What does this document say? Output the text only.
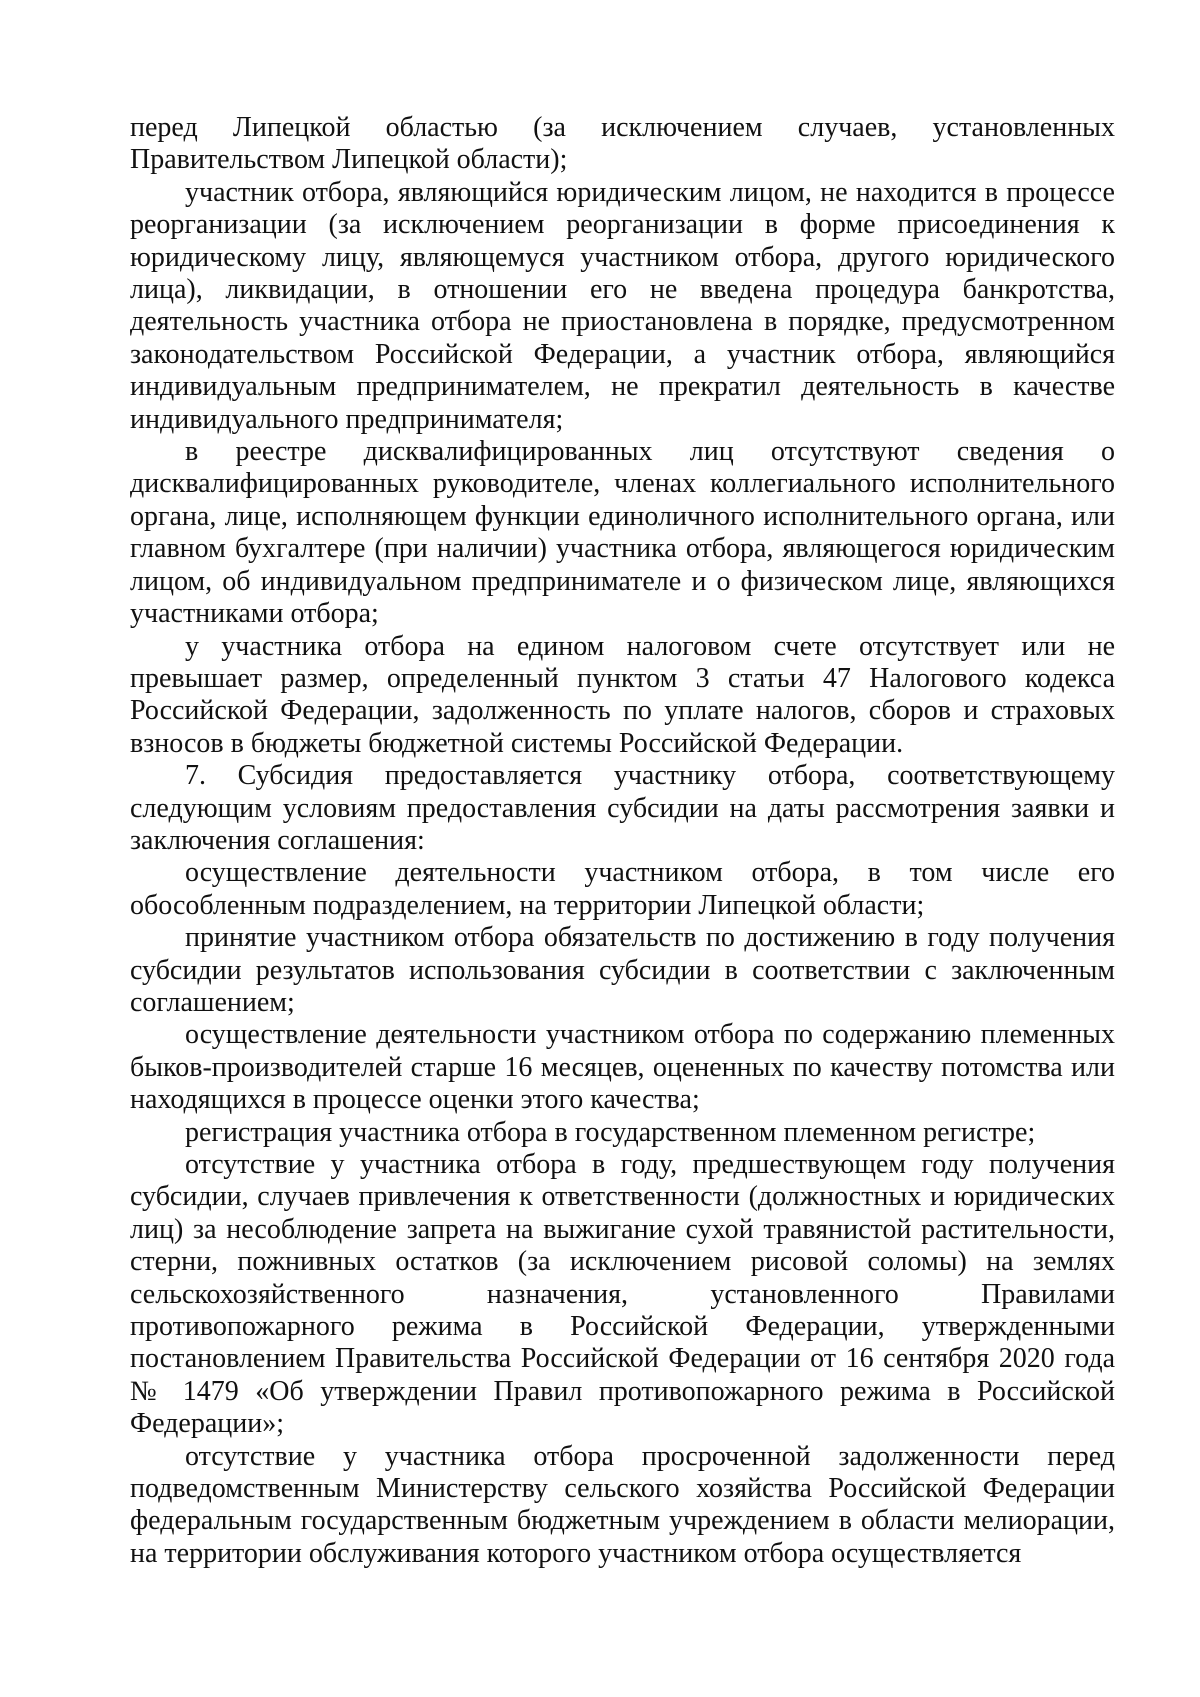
перед Липецкой областью (за исключением случаев, установленных Правительством Липецкой области);

участник отбора, являющийся юридическим лицом, не находится в процессе реорганизации (за исключением реорганизации в форме присоединения к юридическому лицу, являющемуся участником отбора, другого юридического лица), ликвидации, в отношении его не введена процедура банкротства, деятельность участника отбора не приостановлена в порядке, предусмотренном законодательством Российской Федерации, а участник отбора, являющийся индивидуальным предпринимателем, не прекратил деятельность в качестве индивидуального предпринимателя;

в реестре дисквалифицированных лиц отсутствуют сведения о дисквалифицированных руководителе, членах коллегиального исполнительного органа, лице, исполняющем функции единоличного исполнительного органа, или главном бухгалтере (при наличии) участника отбора, являющегося юридическим лицом, об индивидуальном предпринимателе и о физическом лице, являющихся участниками отбора;

у участника отбора на едином налоговом счете отсутствует или не превышает размер, определенный пунктом 3 статьи 47 Налогового кодекса Российской Федерации, задолженность по уплате налогов, сборов и страховых взносов в бюджеты бюджетной системы Российской Федерации.

7. Субсидия предоставляется участнику отбора, соответствующему следующим условиям предоставления субсидии на даты рассмотрения заявки и заключения соглашения:

осуществление деятельности участником отбора, в том числе его обособленным подразделением, на территории Липецкой области;

принятие участником отбора обязательств по достижению в году получения субсидии результатов использования субсидии в соответствии с заключенным соглашением;

осуществление деятельности участником отбора по содержанию племенных быков-производителей старше 16 месяцев, оцененных по качеству потомства или находящихся в процессе оценки этого качества;

регистрация участника отбора в государственном племенном регистре;

отсутствие у участника отбора в году, предшествующем году получения субсидии, случаев привлечения к ответственности (должностных и юридических лиц) за несоблюдение запрета на выжигание сухой травянистой растительности, стерни, пожнивных остатков (за исключением рисовой соломы) на землях сельскохозяйственного назначения, установленного Правилами противопожарного режима в Российской Федерации, утвержденными постановлением Правительства Российской Федерации от 16 сентября 2020 года № 1479 «Об утверждении Правил противопожарного режима в Российской Федерации»;

отсутствие у участника отбора просроченной задолженности перед подведомственным Министерству сельского хозяйства Российской Федерации федеральным государственным бюджетным учреждением в области мелиорации, на территории обслуживания которого участником отбора осуществляется
